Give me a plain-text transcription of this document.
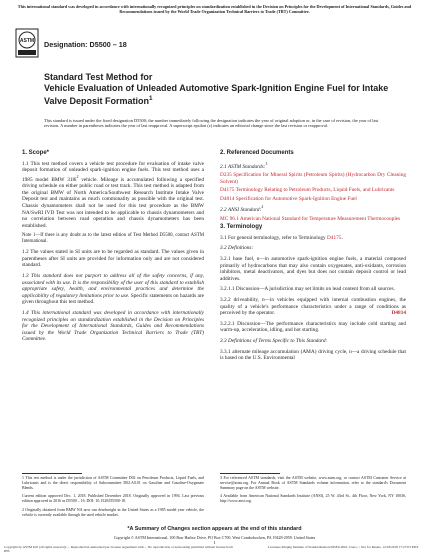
This international standard was developed in accordance with internationally recognized principles on standardization established in the Decision on Principles for the Development of International Standards, Guides and Recommendations issued by the World Trade Organization Technical Barriers to Trade (TBT) Committee.
ASTM Designation: D5500 – 18
Standard Test Method for
Vehicle Evaluation of Unleaded Automotive Spark-Ignition Engine Fuel for Intake Valve Deposit Formation$^1$
This standard is issued under the fixed designation D5500; the number immediately following the designation indicates the year of original adoption or, in the case of revision, the year of last revision. A number in parentheses indicates the year of last reapproval. A superscript epsilon (ε) indicates an editorial change since the last revision or reapproval.
1. Scope*

1.1 This test method covers a vehicle test procedure for evaluation of intake valve deposit formation of unleaded spark-ignition engine fuels. This test method uses a 1985 model BMW $318i^2$ vehicle. Mileage is accumulated following a specified driving schedule on either public road or test track. This test method is adapted from the original BMW of North America/Southwest Research Institute Intake Valve Deposit test and maintains as much commonality as possible with the original test. Chassis dynamometers shall not be used for this test procedure as the BMW NA/SwRI IVD Test was not intended to be applicable to chassis dynamometers and no correlation between road operation and chassis dynamometers has been established.

Note 1—If there is any doubt as to the latest edition of Test Method D5500, contact ASTM International.

1.2 The values stated in SI units are to be regarded as standard. The values given in parentheses after SI units are provided for information only and are not considered standard.

1.3 This standard does not purport to address all of the safety concerns, if any, associated with its use. It is the responsibility of the user of this standard to establish appropriate safety, health, and environmental practices and determine the applicability of regulatory limitations prior to use. Specific statements on hazards are given throughout this test method.

1.4 This international standard was developed in accordance with internationally recognized principles on standardization established in the Decision on Principles for the Development of International Standards, Guides and Recommendations issued by the World Trade Organization Technical Barriers to Trade (TBT) Committee.

2. Referenced Documents

2.1 ASTM Standards:$^3$

D235 Specification for Mineral Spirits (Petroleum Spirits) (Hydrocarbon Dry Cleaning Solvent)

D4175 Terminology Relating to Petroleum Products, Liquid Fuels, and Lubricants

D4814 Specification for Automotive Spark-Ignition Engine Fuel

2.2 ANSI Standard:$^4$

MC 96.1 American National Standard for Temperature Measurement Thermocouples

3. Terminology

3.1 For general terminology, refer to Terminology D4175.

3.2 Definitions:

3.2.1 base fuel, n—in automotive spark-ignition engine fuels, a material composed primarily of hydrocarbons that may also contain oxygenates, anti-oxidants, corrosion inhibitors, metal deactivators, and dyes but does not contain deposit control or lead additives.

3.2.1.1 Discussion—A jurisdiction may set limits on lead content from all sources.

3.2.2 driveability, n—in vehicles equipped with internal combustion engines, the quality of a vehicle's performance characteristics under a range of conditions as perceived by the operator.	D4814

3.2.2.1 Discussion—The performance characteristics may include cold starting and warm-up, acceleration, idling, and hot starting.

3.3 Definitions of Terms Specific to This Standard:

3.3.1 alternate mileage accumulation (AMA) driving cycle, n—a driving schedule that is based on the U.S. Environmental

1 This test method is under the jurisdiction of ASTM Committee D02 on Petroleum Products, Liquid Fuels, and Lubricants and is the direct responsibility of Subcommittee D02.A0.01 on Gasoline and Gasoline-Oxygenate Blends.

Current edition approved Dec. 1, 2018. Published December 2018. Originally approved in 1994. Last previous edition approved in 2016 as D5500 – 16. DOI: 10.1520/D5500-18.

2 Originally obtained from BMW NA now can deadweight in the United States as a 1985 model year vehicle, the vehicle is currently available through the used vehicle market.

3 For referenced ASTM standards, visit the ASTM website, www.astm.org, or contact ASTM Customer Service at service@astm.org. For Annual Book of ASTM Standards volume information, refer to the standard's Document Summary page on the ASTM website.

4 Available from American National Standards Institute (ANSI), 25 W. 43rd St., 4th Floor, New York, NY 10036, http://www.ansi.org.

*A Summary of Changes section appears at the end of this standard
Copyright © ASTM International, 100 Barr Harbor Drive, PO Box C700, West Conshohocken, PA 19428-2959. United States
1
Copyright by ASTM Int'l (all rights reserved); ... Reproduction authorized per License Agreement with ... No reproduction or networking permitted without license from IHS
Licensee=Daqing Institute of Standardization/5958112001, User=, / Not for Resale, 12/18/2018 17:27:03 MST
